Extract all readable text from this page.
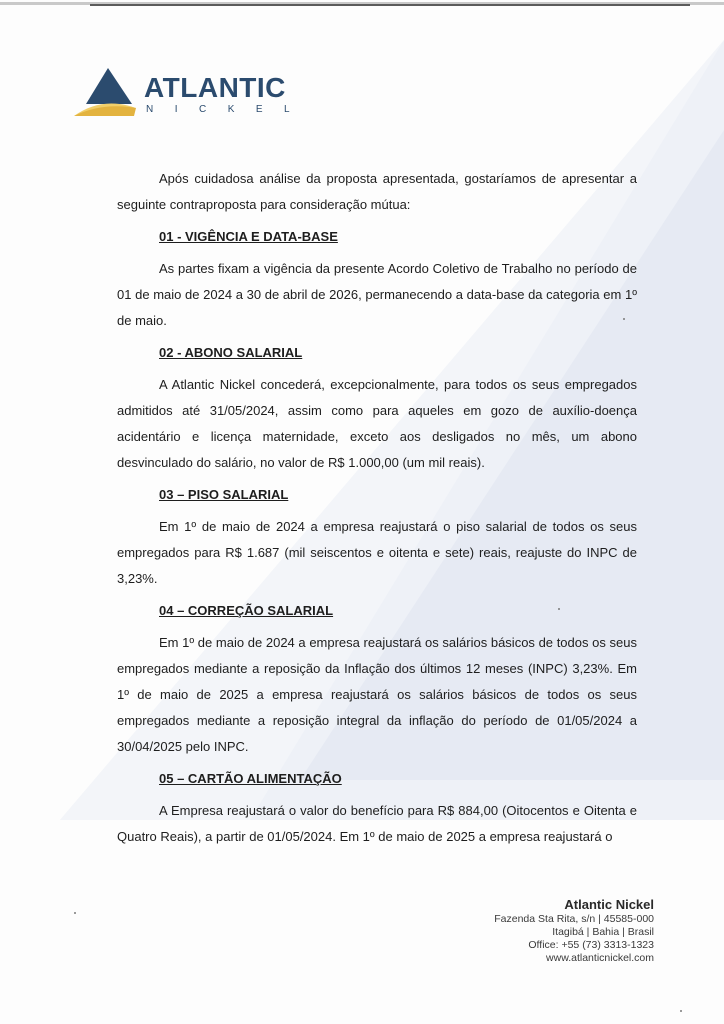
ATLANTIC
NICKEL

Após cuidadosa análise da proposta apresentada, gostaríamos de apresentar a seguinte contraproposta para consideração mútua:

01 - VIGÊNCIA E DATA-BASE

As partes fixam a vigência da presente Acordo Coletivo de Trabalho no período de 01 de maio de 2024 a 30 de abril de 2026, permanecendo a data-base da categoria em 1º de maio.

02 - ABONO SALARIAL

A Atlantic Nickel concederá, excepcionalmente, para todos os seus empregados admitidos até 31/05/2024, assim como para aqueles em gozo de auxílio-doença acidentário e licença maternidade, exceto aos desligados no mês, um abono desvinculado do salário, no valor de R$ 1.000,00 (um mil reais).

03 – PISO SALARIAL

Em 1º de maio de 2024 a empresa reajustará o piso salarial de todos os seus empregados para R$ 1.687 (mil seiscentos e oitenta e sete) reais, reajuste do INPC de 3,23%.

04 – CORREÇÃO SALARIAL

Em 1º de maio de 2024 a empresa reajustará os salários básicos de todos os seus empregados mediante a reposição da Inflação dos últimos 12 meses (INPC) 3,23%. Em 1º de maio de 2025 a empresa reajustará os salários básicos de todos os seus empregados mediante a reposição integral da inflação do período de 01/05/2024 a 30/04/2025 pelo INPC.

05 – CARTÃO ALIMENTAÇÃO

A Empresa reajustará o valor do benefício para R$ 884,00 (Oitocentos e Oitenta e Quatro Reais), a partir de 01/05/2024. Em 1º de maio de 2025 a empresa reajustará o

Atlantic Nickel
Fazenda Sta Rita, s/n | 45585-000
Itagibá | Bahia | Brasil
Office: +55 (73) 3313-1323
www.atlanticnickel.com
